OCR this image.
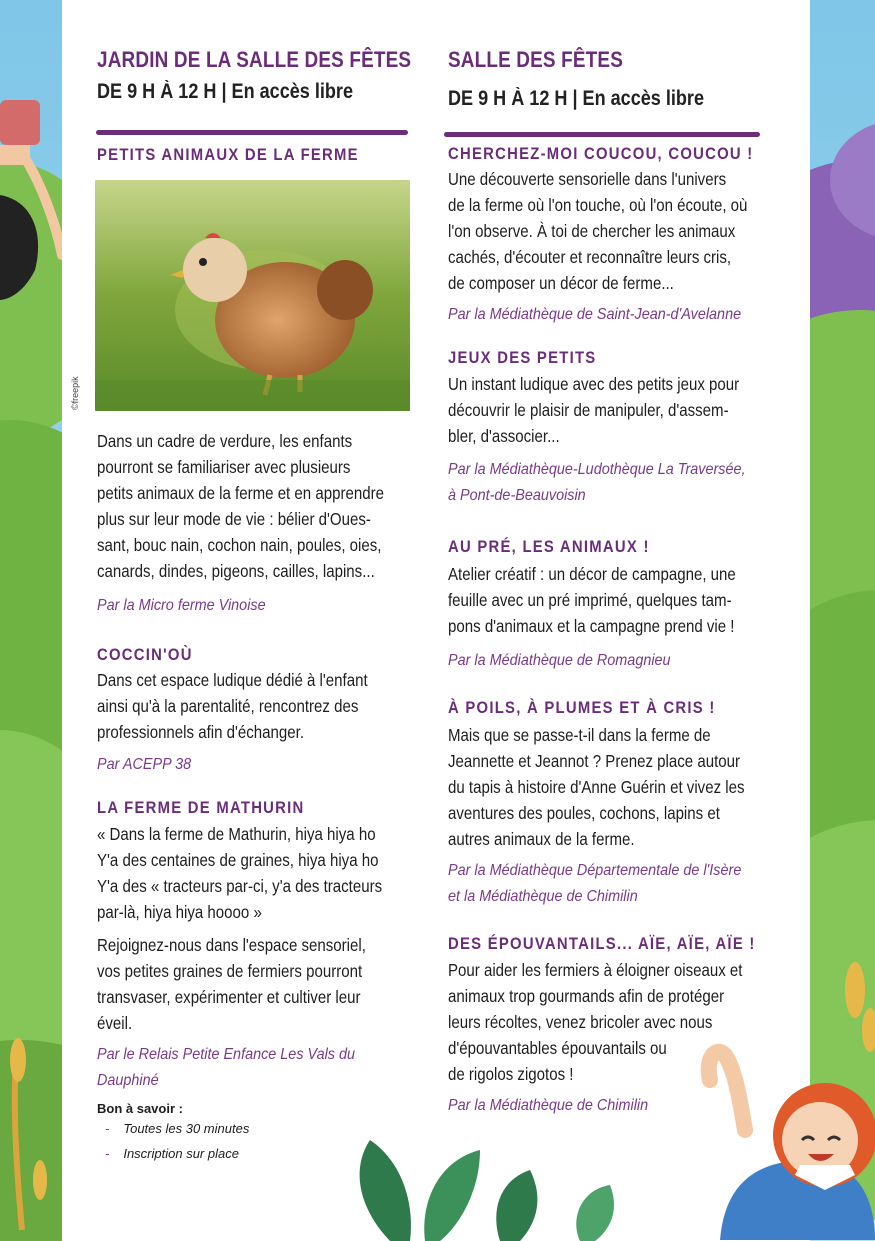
©freepik
JARDIN DE LA SALLE DES FÊTES
DE 9 H À 12 H | En accès libre
PETITS ANIMAUX DE LA FERME
Dans un cadre de verdure, les enfants
pourront se familiariser avec plusieurs
petits animaux de la ferme et en apprendre
plus sur leur mode de vie : bélier d'Oues-
sant, bouc nain, cochon nain, poules, oies,
canards, dindes, pigeons, cailles, lapins...
Par la Micro ferme Vinoise
COCCIN'OÙ
Dans cet espace ludique dédié à l'enfant
ainsi qu'à la parentalité, rencontrez des
professionnels afin d'échanger.
Par ACEPP 38
LA FERME DE MATHURIN
« Dans la ferme de Mathurin, hiya hiya ho
Y'a des centaines de graines, hiya hiya ho
Y'a des « tracteurs par-ci, y'a des tracteurs
par-là, hiya hiya hoooo »
Rejoignez-nous dans l'espace sensoriel,
vos petites graines de fermiers pourront
transvaser, expérimenter et cultiver leur
éveil.
Par le Relais Petite Enfance Les Vals du
Dauphiné
Bon à savoir :
- Toutes les 30 minutes
- Inscription sur place
SALLE DES FÊTES
DE 9 H À 12 H | En accès libre
CHERCHEZ-MOI COUCOU, COUCOU !
Une découverte sensorielle dans l'univers
de la ferme où l'on touche, où l'on écoute, où
l'on observe. À toi de chercher les animaux
cachés, d'écouter et reconnaître leurs cris,
de composer un décor de ferme...
Par la Médiathèque de Saint-Jean-d'Avelanne
JEUX DES PETITS
Un instant ludique avec des petits jeux pour
découvrir le plaisir de manipuler, d'assem-
bler, d'associer...
Par la Médiathèque-Ludothèque La Traversée,
à Pont-de-Beauvoisin
AU PRÉ, LES ANIMAUX !
Atelier créatif : un décor de campagne, une
feuille avec un pré imprimé, quelques tam-
pons d'animaux et la campagne prend vie !
Par la Médiathèque de Romagnieu
À POILS, À PLUMES ET À CRIS !
Mais que se passe-t-il dans la ferme de
Jeannette et Jeannot ? Prenez place autour
du tapis à histoire d'Anne Guérin et vivez les
aventures des poules, cochons, lapins et
autres animaux de la ferme.
Par la Médiathèque Départementale de l'Isère
et la Médiathèque de Chimilin
DES ÉPOUVANTAILS... AÏE, AÏE, AÏE !
Pour aider les fermiers à éloigner oiseaux et
animaux trop gourmands afin de protéger
leurs récoltes, venez bricoler avec nous
d'épouvantables épouvantails ou
de rigolos zigotos !
Par la Médiathèque de Chimilin
